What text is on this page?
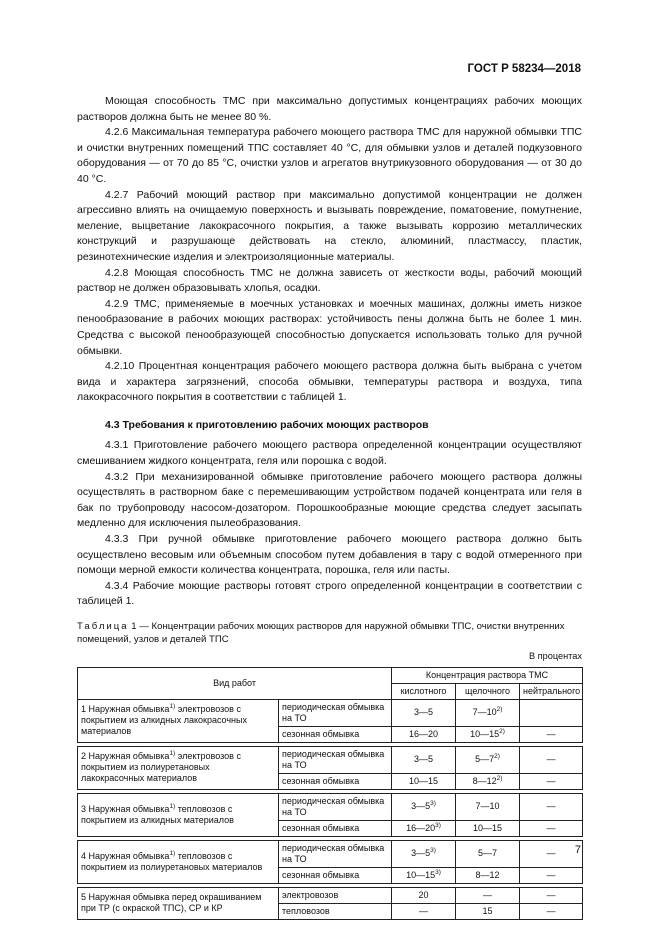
ГОСТ Р 58234—2018

Моющая способность ТМС при максимально допустимых концентрациях рабочих моющих растворов должна быть не менее 80 %.

4.2.6 Максимальная температура рабочего моющего раствора ТМС для наружной обмывки ТПС и очистки внутренних помещений ТПС составляет 40 °С, для обмывки узлов и деталей подкузовного оборудования — от 70 до 85 °С, очистки узлов и агрегатов внутрикузовного оборудования — от 30 до 40 °С.

4.2.7 Рабочий моющий раствор при максимально допустимой концентрации не должен агрессивно влиять на очищаемую поверхность и вызывать повреждение, поматовение, помутнение, меление, выцветание лакокрасочного покрытия, а также вызывать коррозию металлических конструкций и разрушающе действовать на стекло, алюминий, пластмассу, пластик, резинотехнические изделия и электроизоляционные материалы.

4.2.8 Моющая способность ТМС не должна зависеть от жесткости воды, рабочий моющий раствор не должен образовывать хлопья, осадки.

4.2.9 ТМС, применяемые в моечных установках и моечных машинах, должны иметь низкое пенообразование в рабочих моющих растворах: устойчивость пены должна быть не более 1 мин. Средства с высокой пенообразующей способностью допускается использовать только для ручной обмывки.

4.2.10 Процентная концентрация рабочего моющего раствора должна быть выбрана с учетом вида и характера загрязнений, способа обмывки, температуры раствора и воздуха, типа лакокрасочного покрытия в соответствии с таблицей 1.

4.3 Требования к приготовлению рабочих моющих растворов

4.3.1 Приготовление рабочего моющего раствора определенной концентрации осуществляют смешиванием жидкого концентрата, геля или порошка с водой.

4.3.2 При механизированной обмывке приготовление рабочего моющего раствора должны осуществлять в растворном баке с перемешивающим устройством подачей концентрата или геля в бак по трубопроводу насосом-дозатором. Порошкообразные моющие средства следует засыпать медленно для исключения пылеобразования.

4.3.3 При ручной обмывке приготовление рабочего моющего раствора должно быть осуществлено весовым или объемным способом путем добавления в тару с водой отмеренного при помощи мерной емкости количества концентрата, порошка, геля или пасты.

4.3.4 Рабочие моющие растворы готовят строго определенной концентрации в соответствии с таблицей 1.

Таблица 1 — Концентрации рабочих моющих растворов для наружной обмывки ТПС, очистки внутренних помещений, узлов и деталей ТПС
В процентах
Вид работ		Концентрация раствора ТМС		
		кислотного	щелочного	нейтрального
1 Наружная обмывка$^{1)}$ электровозов с покрытием из алкидных лакокрасочных материалов	периодическая обмывка на ТО	3—5	7—10$^{2)}$	
	сезонная обмывка	16—20	10—15$^{2)}$	—

2 Наружная обмывка$^{1)}$ электровозов с покрытием из полиуретановых лакокрасочных материалов	периодическая обмывка на ТО	3—5	5—7$^{2)}$	—
	сезонная обмывка	10—15	8—12$^{2)}$	—

3 Наружная обмывка$^{1)}$ тепловозов с покрытием из алкидных материалов	периодическая обмывка на ТО	3—5$^{3)}$	7—10	—
	сезонная обмывка	16—20$^{3)}$	10—15	—

4 Наружная обмывка$^{1)}$ тепловозов с покрытием из полиуретановых материалов	периодическая обмывка на ТО	3—5$^{3)}$	5—7	—
	сезонная обмывка	10—15$^{3)}$	8—12	—

5 Наружная обмывка перед окрашиванием при ТР (с окраской ТПС), СР и КР	электровозов	20	—	—
	тепловозов	—	15	—
7
